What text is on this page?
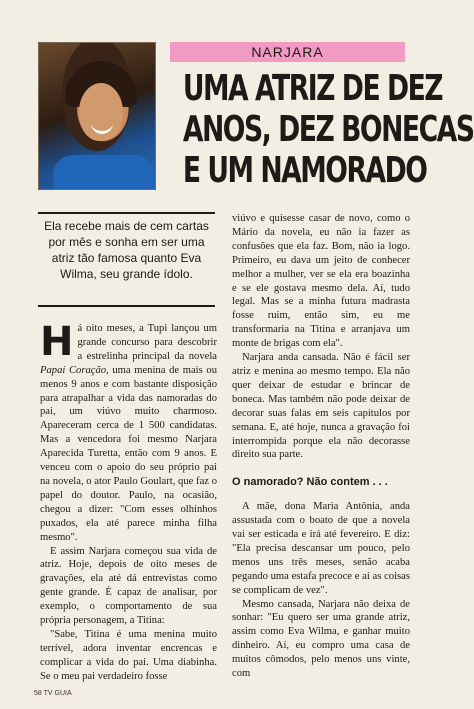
NARJARA
UMA ATRIZ DE DEZ
ANOS, DEZ BONECAS
E UM NAMORADO
Ela recebe mais de cem cartas por mês e sonha em ser uma atriz tão famosa quanto Eva Wilma, seu grande ídolo.

Há oito meses, a Tupi lançou um grande concurso para descobrir a estrelinha principal da novela Papai Coração, uma menina de mais ou menos 9 anos e com bastante disposição para atrapalhar a vida das namoradas do pai, um viúvo muito charmoso. Apareceram cerca de 1 500 candidatas. Mas a vencedora foi mesmo Narjara Aparecida Turetta, então com 9 anos. E venceu com o apoio do seu próprio pai na novela, o ator Paulo Goulart, que faz o papel do doutor. Paulo, na ocasião, chegou a dizer: "Com esses olhinhos puxados, ela até parece minha filha mesmo".

E assim Narjara começou sua vida de atriz. Hoje, depois de oito meses de gravações, ela até dá entrevistas como gente grande. É capaz de analisar, por exemplo, o comportamento de sua própria personagem, a Titina:

"Sabe, Titina é uma menina muito terrível, adora inventar encrencas e complicar a vida do pai. Uma diabinha. Se o meu pai verdadeiro fosse

viúvo e quisesse casar de novo, como o Mário da novela, eu não ia fazer as confusões que ela faz. Bom, não ia logo. Primeiro, eu dava um jeito de conhecer melhor a mulher, ver se ela era boazinha e se ele gostava mesmo dela. Aí, tudo legal. Mas se a minha futura madrasta fosse ruim, então sim, eu me transformaria na Titina e arranjava um monte de brigas com ela".

Narjara anda cansada. Não é fácil ser atriz e menina ao mesmo tempo. Ela não quer deixar de estudar e brincar de boneca. Mas também não pode deixar de decorar suas falas em seis capítulos por semana. E, até hoje, nunca a gravação foi interrompida porque ela não decorasse direito sua parte.

O namorado? Não contem . . .

A mãe, dona Maria Antônia, anda assustada com o boato de que a novela vai ser esticada e irá até fevereiro. E diz: "Ela precisa descansar um pouco, pelo menos uns três meses, senão acaba pegando uma estafa precoce e aí as coisas se complicam de vez".

Mesmo cansada, Narjara não deixa de sonhar: "Eu quero ser uma grande atriz, assim como Eva Wilma, e ganhar muito dinheiro. Aí, eu compro uma casa de muitos cômodos, pelo menos uns vinte, com

58 TV GUIA
